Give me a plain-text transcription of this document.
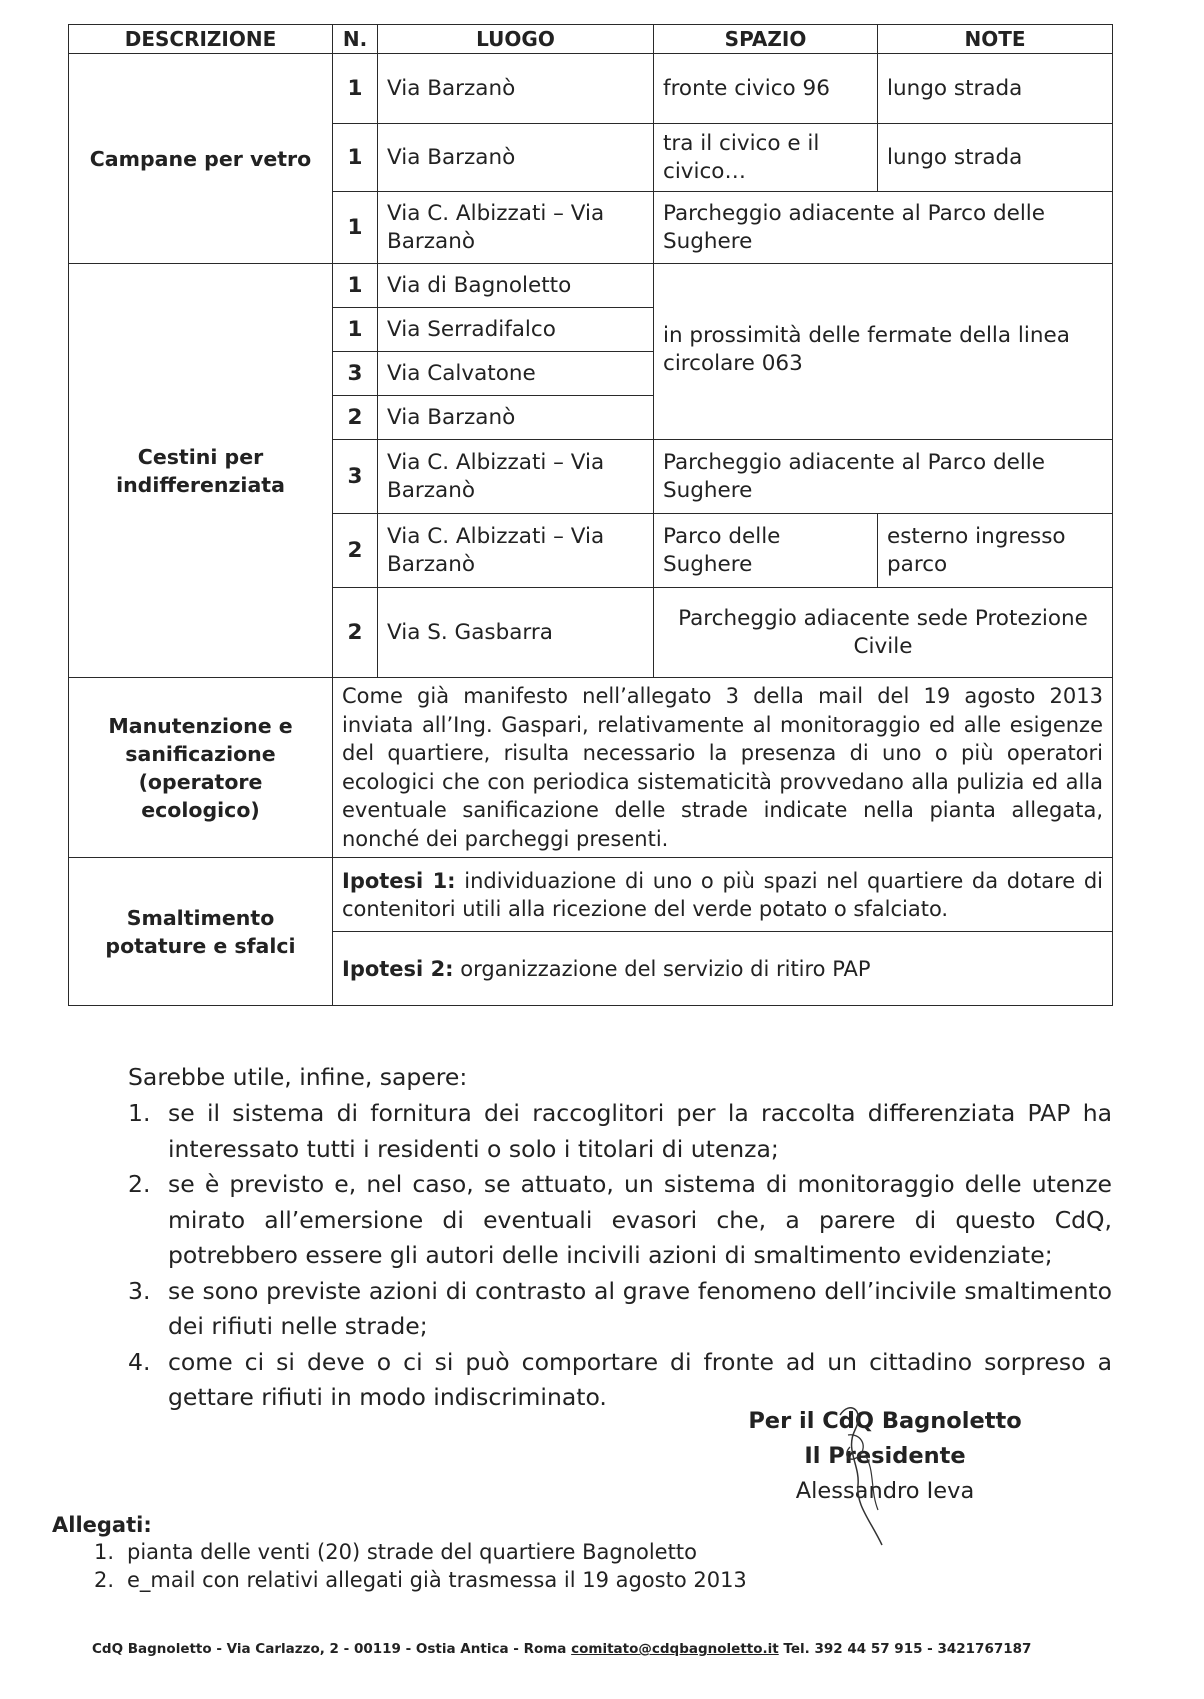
DESCRIZIONE	N.	LUOGO	SPAZIO	NOTE
Campane per vetro	1	Via Barzanò	fronte civico 96	lungo strada
	1	Via Barzanò	tra il civico e il civico…	lungo strada
	1	Via C. Albizzati – Via Barzanò	Parcheggio adiacente al Parco delle Sughere	
Cestini per indifferenziata	1	Via di Bagnoletto	in prossimità delle fermate della linea circolare 063	
	1	Via Serradifalco		
	3	Via Calvatone		
	2	Via Barzanò		
	3	Via C. Albizzati – Via Barzanò	Parcheggio adiacente al Parco delle Sughere	
	2	Via C. Albizzati – Via Barzanò	Parco delle Sughere	esterno ingresso parco
	2	Via S. Gasbarra	Parcheggio adiacente sede Protezione Civile	
Manutenzione e sanificazione (operatore ecologico)	Come già manifesto nell’allegato 3 della mail del 19 agosto 2013 inviata all’Ing. Gaspari, relativamente al monitoraggio ed alle esigenze del quartiere, risulta necessario la presenza di uno o più operatori ecologici che con periodica sistematicità provvedano alla pulizia ed alla eventuale sanificazione delle strade indicate nella pianta allegata, nonché dei parcheggi presenti.			
Smaltimento potature e sfalci	Ipotesi 1: individuazione di uno o più spazi nel quartiere da dotare di contenitori utili alla ricezione del verde potato o sfalciato.			
	Ipotesi 2: organizzazione del servizio di ritiro PAP			
Sarebbe utile, infine, sapere:
1. se il sistema di fornitura dei raccoglitori per la raccolta differenziata PAP ha interessato tutti i residenti o solo i titolari di utenza;
2. se è previsto e, nel caso, se attuato, un sistema di monitoraggio delle utenze mirato all’emersione di eventuali evasori che, a parere di questo CdQ, potrebbero essere gli autori delle incivili azioni di smaltimento evidenziate;
3. se sono previste azioni di contrasto al grave fenomeno dell’incivile smaltimento dei rifiuti nelle strade;
4. come ci si deve o ci si può comportare di fronte ad un cittadino sorpreso a gettare rifiuti in modo indiscriminato.
Per il CdQ Bagnoletto
Il Presidente
Alessandro Ieva
Allegati:
1. pianta delle venti (20) strade del quartiere Bagnoletto
2. e_mail con relativi allegati già trasmessa il 19 agosto 2013
CdQ Bagnoletto - Via Carlazzo, 2 - 00119 - Ostia Antica - Roma comitato@cdqbagnoletto.it Tel. 392 44 57 915 - 3421767187
